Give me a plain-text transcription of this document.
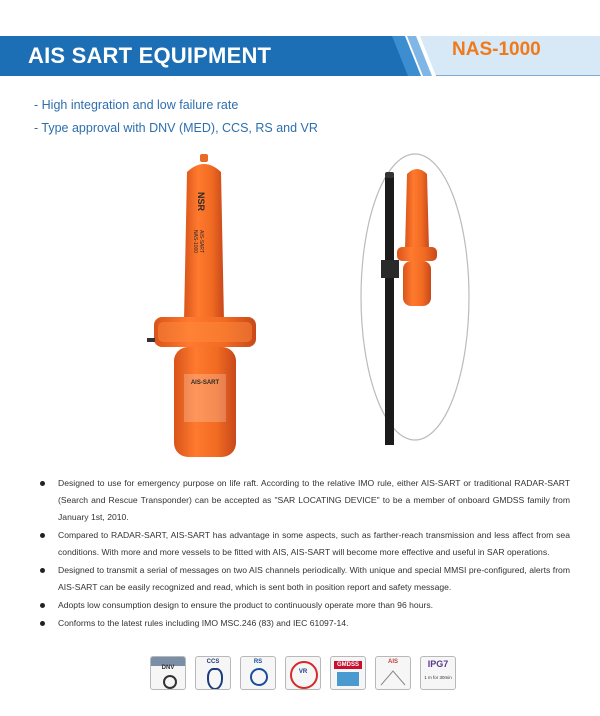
AIS SART EQUIPMENT	NAS-1000
- High integration and low failure rate
- Type approval with DNV (MED), CCS, RS and VR
NSR
NAS-1000 AIS-SART
AIS-SART
Designed to use for emergency purpose on life raft. According to the relative IMO rule, either AIS-SART or traditional RADAR-SART (Search and Rescue Transponder) can be accepted as "SAR LOCATING DEVICE" to be a member of onboard GMDSS family from January 1st, 2010.
Compared to RADAR-SART, AIS-SART has advantage in some aspects, such as farther-reach transmission and less affect from sea conditions. With more and more vessels to be fitted with AIS, AIS-SART will become more effective and useful in SAR operations.
Designed to transmit a serial of messages on two AIS channels periodically. With unique and special MMSI pre-configured, alerts from AIS-SART can be easily recognized and read, which is sent both in position report and safety message.
Adopts low consumption design to ensure the product to continuously operate more than 96 hours.
Conforms to the latest rules including IMO MSC.246 (83) and IEC 61097-14.
DNV
CCS	RS
VR
GMDSS	AIS	IPG7
1 m for 30min
